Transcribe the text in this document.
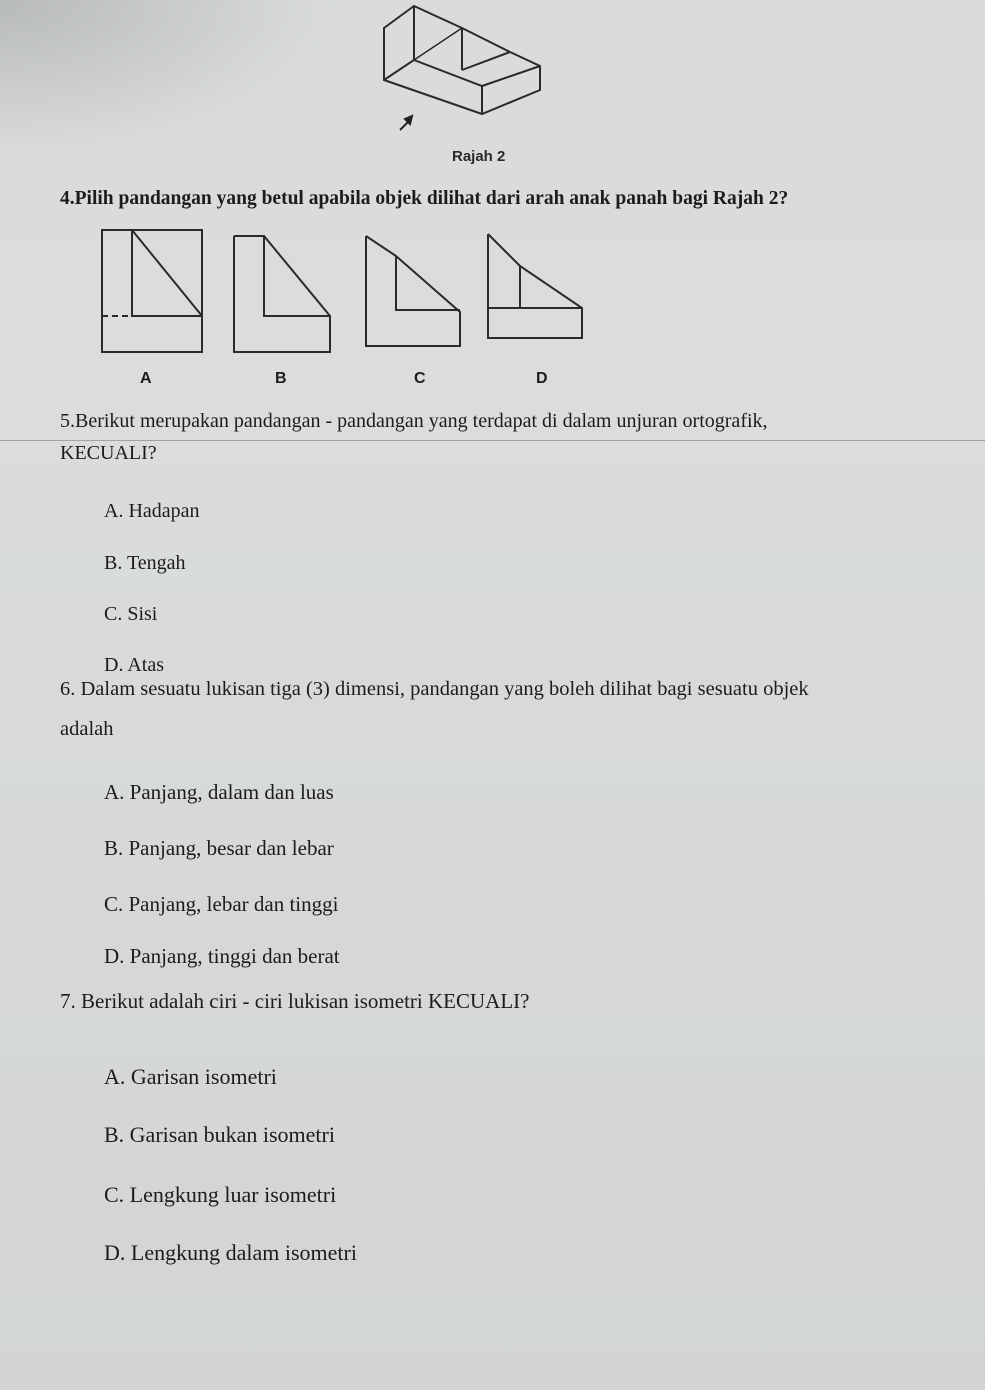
Rajah 2
4.Pilih pandangan yang betul apabila objek dilihat dari arah anak panah bagi Rajah 2?
A	B	C	D
5.Berikut merupakan pandangan - pandangan yang terdapat di dalam unjuran ortografik,
KECUALI?
A. Hadapan
B. Tengah
C. Sisi
D. Atas
6. Dalam sesuatu lukisan tiga (3) dimensi, pandangan yang boleh dilihat bagi sesuatu objek
adalah
A. Panjang, dalam dan luas
B. Panjang, besar dan lebar
C. Panjang, lebar dan tinggi
D. Panjang, tinggi dan berat
7. Berikut adalah ciri - ciri lukisan isometri KECUALI?
A. Garisan isometri
B. Garisan bukan isometri
C. Lengkung luar isometri
D. Lengkung dalam isometri
